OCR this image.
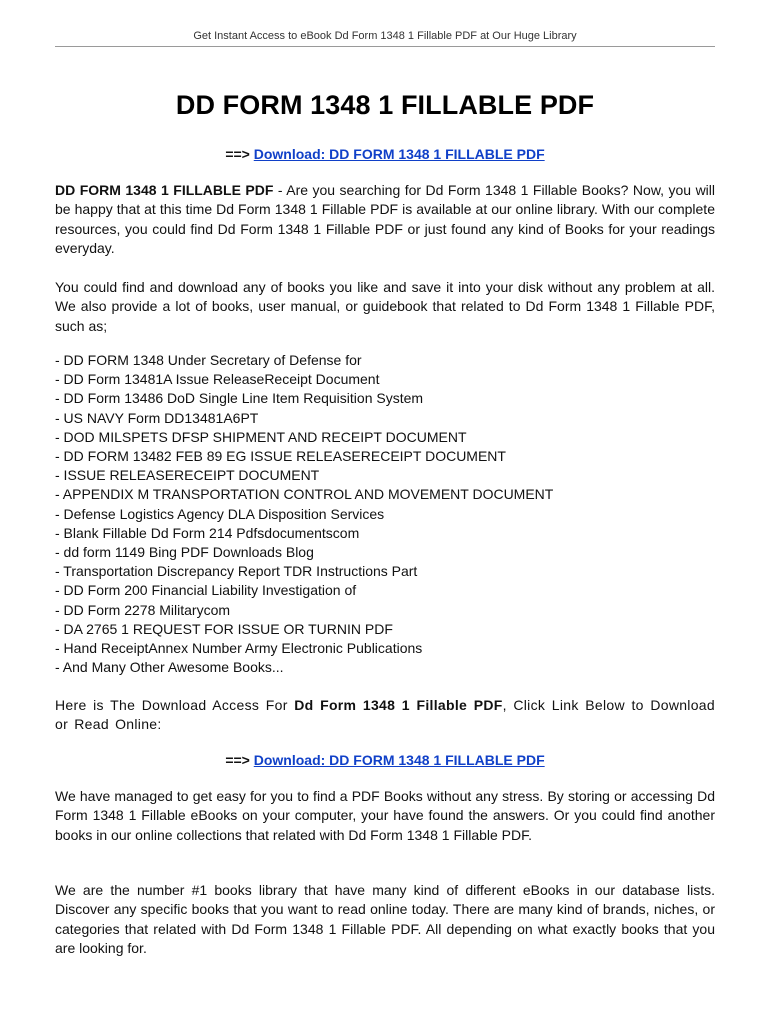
Get Instant Access to eBook Dd Form 1348 1 Fillable PDF at Our Huge Library
DD FORM 1348 1 FILLABLE PDF
==> Download: DD FORM 1348 1 FILLABLE PDF

DD FORM 1348 1 FILLABLE PDF - Are you searching for Dd Form 1348 1 Fillable Books? Now, you will be happy that at this time Dd Form 1348 1 Fillable PDF is available at our online library. With our complete resources, you could find Dd Form 1348 1 Fillable PDF or just found any kind of Books for your readings everyday.

You could find and download any of books you like and save it into your disk without any problem at all. We also provide a lot of books, user manual, or guidebook that related to Dd Form 1348 1 Fillable PDF, such as;

- DD FORM 1348 Under Secretary of Defense for
- DD Form 13481A Issue ReleaseReceipt Document
- DD Form 13486 DoD Single Line Item Requisition System
- US NAVY Form DD13481A6PT
- DOD MILSPETS DFSP SHIPMENT AND RECEIPT DOCUMENT
- DD FORM 13482 FEB 89 EG ISSUE RELEASERECEIPT DOCUMENT
- ISSUE RELEASERECEIPT DOCUMENT
- APPENDIX M TRANSPORTATION CONTROL AND MOVEMENT DOCUMENT
- Defense Logistics Agency DLA Disposition Services
- Blank Fillable Dd Form 214 Pdfsdocumentscom
- dd form 1149 Bing PDF Downloads Blog
- Transportation Discrepancy Report TDR Instructions Part
- DD Form 200 Financial Liability Investigation of
- DD Form 2278 Militarycom
- DA 2765 1 REQUEST FOR ISSUE OR TURNIN PDF
- Hand ReceiptAnnex Number Army Electronic Publications
- And Many Other Awesome Books...

Here is The Download Access For Dd Form 1348 1 Fillable PDF, Click Link Below to Download or Read Online:

==> Download: DD FORM 1348 1 FILLABLE PDF

We have managed to get easy for you to find a PDF Books without any stress. By storing or accessing Dd Form 1348 1 Fillable eBooks on your computer, your have found the answers. Or you could find another books in our online collections that related with Dd Form 1348 1 Fillable PDF.

We are the number #1 books library that have many kind of different eBooks in our database lists. Discover any specific books that you want to read online today. There are many kind of brands, niches, or categories that related with Dd Form 1348 1 Fillable PDF. All depending on what exactly books that you are looking for.
